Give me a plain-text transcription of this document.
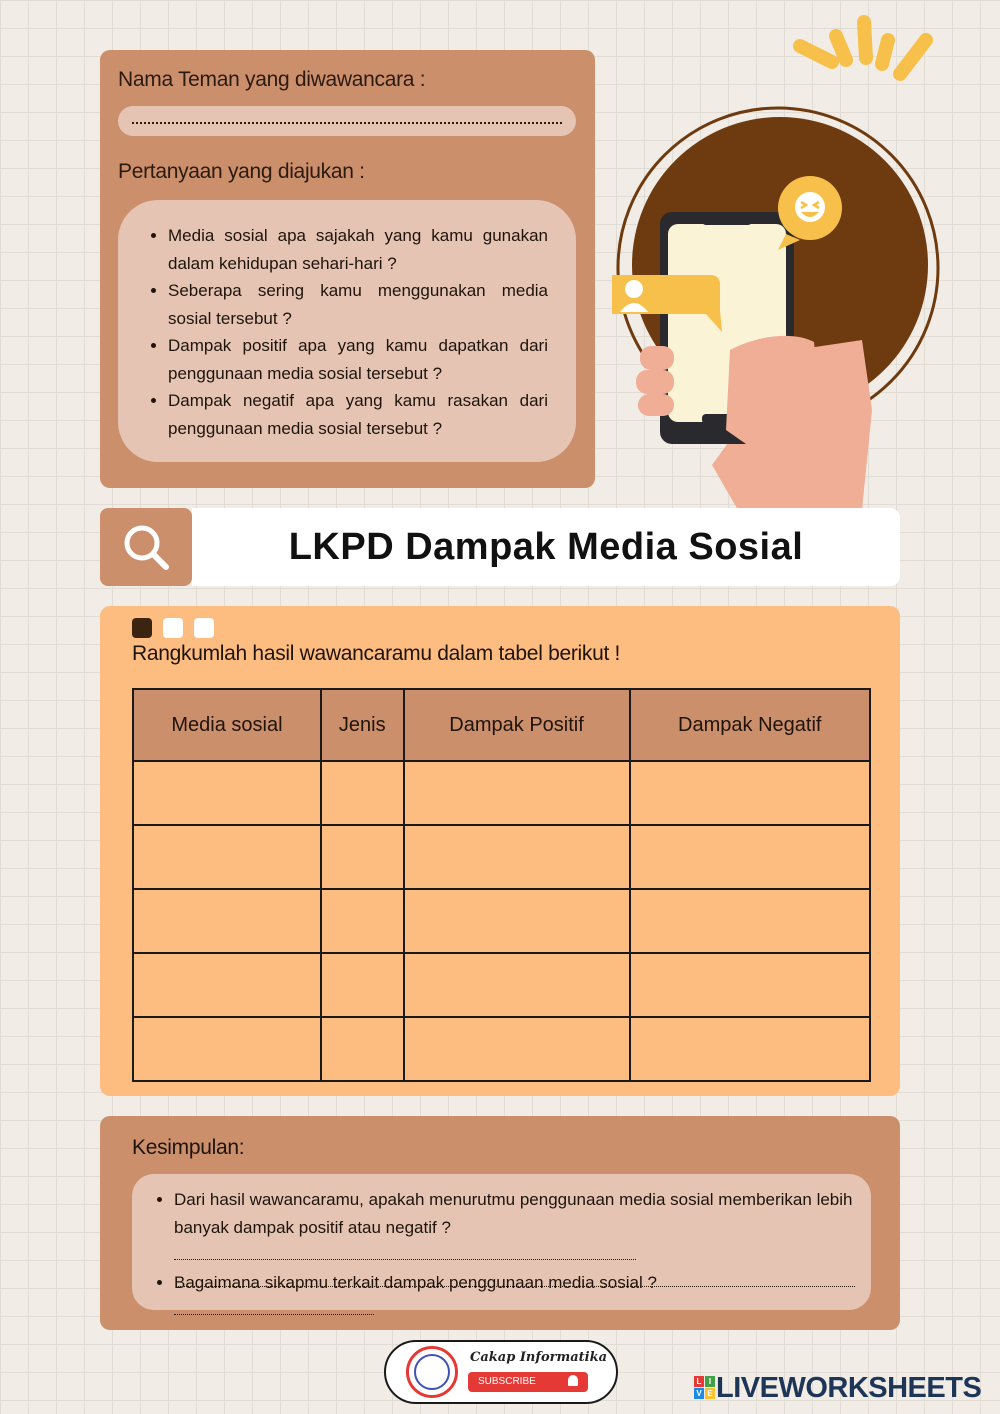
Nama Teman yang diwawancara :
Pertanyaan yang diajukan :
• Media sosial apa sajakah yang kamu gunakan dalam kehidupan sehari-hari ?
• Seberapa sering kamu menggunakan media sosial tersebut ?
• Dampak positif apa yang kamu dapatkan dari penggunaan media sosial tersebut ?
• Dampak negatif apa yang kamu rasakan dari penggunaan media sosial tersebut ?
LKPD Dampak Media Sosial
Rangkumlah hasil wawancaramu dalam tabel berikut !
Media sosial	Jenis	Dampak Positif	Dampak Negatif

Kesimpulan:
• Dari hasil wawancaramu, apakah menurutmu penggunaan media sosial memberikan lebih banyak dampak positif atau negatif ?
• Bagaimana sikapmu terkait dampak penggunaan media sosial ?
Cakap Informatika
SUBSCRIBE	L I
V E LIVEWORKSHEETS
